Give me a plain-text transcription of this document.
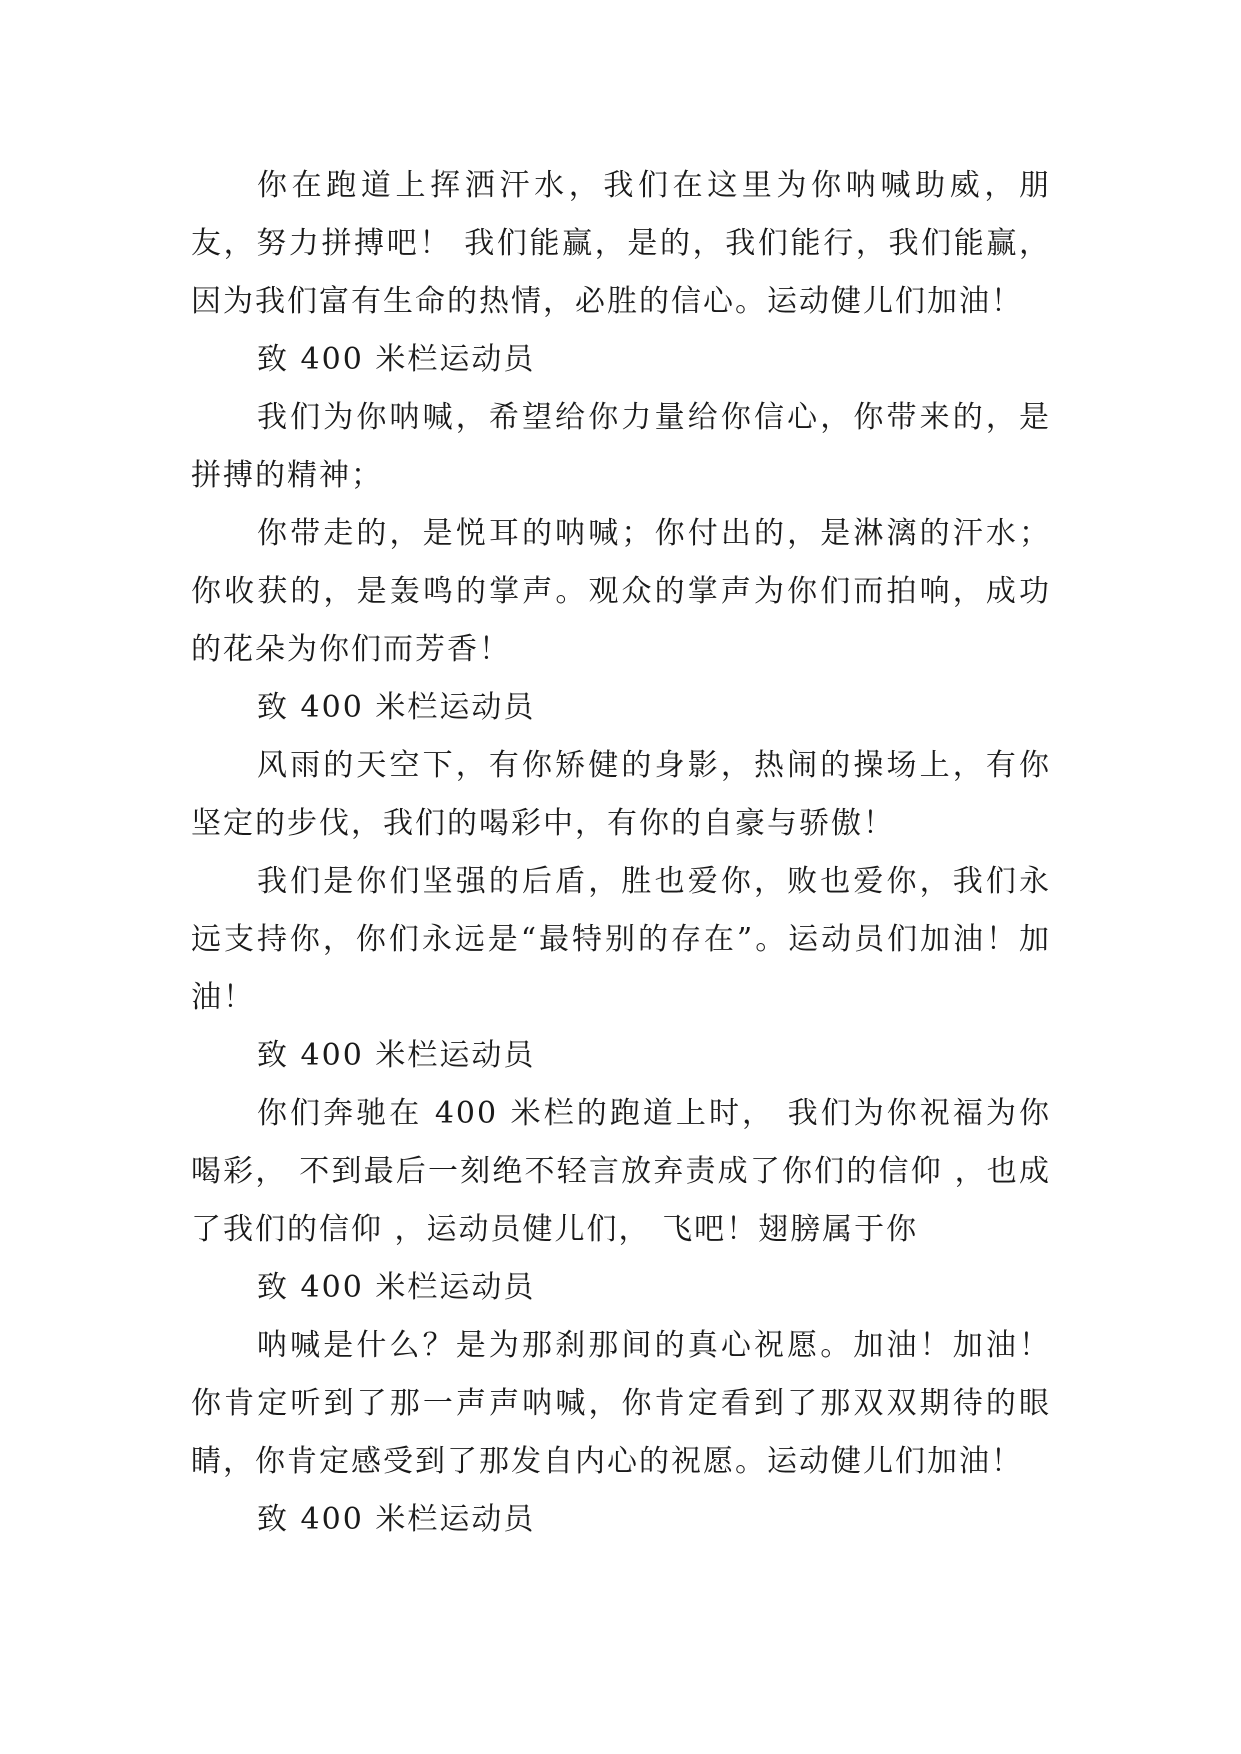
你在跑道上挥洒汗水，我们在这里为你呐喊助威，朋友，努力拼搏吧！ 我们能赢，是的，我们能行，我们能赢，因为我们富有生命的热情，必胜的信心。运动健儿们加油！

致 400 米栏运动员

我们为你呐喊，希望给你力量给你信心，你带来的，是拼搏的精神；

你带走的，是悦耳的呐喊；你付出的，是淋漓的汗水；你收获的，是轰鸣的掌声。观众的掌声为你们而拍响，成功的花朵为你们而芳香！

致 400 米栏运动员

风雨的天空下，有你矫健的身影，热闹的操场上，有你坚定的步伐，我们的喝彩中，有你的自豪与骄傲！

我们是你们坚强的后盾，胜也爱你，败也爱你，我们永远支持你，你们永远是“最特别的存在”。运动员们加油！加油！

致 400 米栏运动员

你们奔驰在 400 米栏的跑道上时， 我们为你祝福为你喝彩， 不到最后一刻绝不轻言放弃责成了你们的信仰 ，也成了我们的信仰 ，运动员健儿们， 飞吧！翅膀属于你

致 400 米栏运动员

呐喊是什么？是为那刹那间的真心祝愿。加油！加油！你肯定听到了那一声声呐喊，你肯定看到了那双双期待的眼睛，你肯定感受到了那发自内心的祝愿。运动健儿们加油！

致 400 米栏运动员
